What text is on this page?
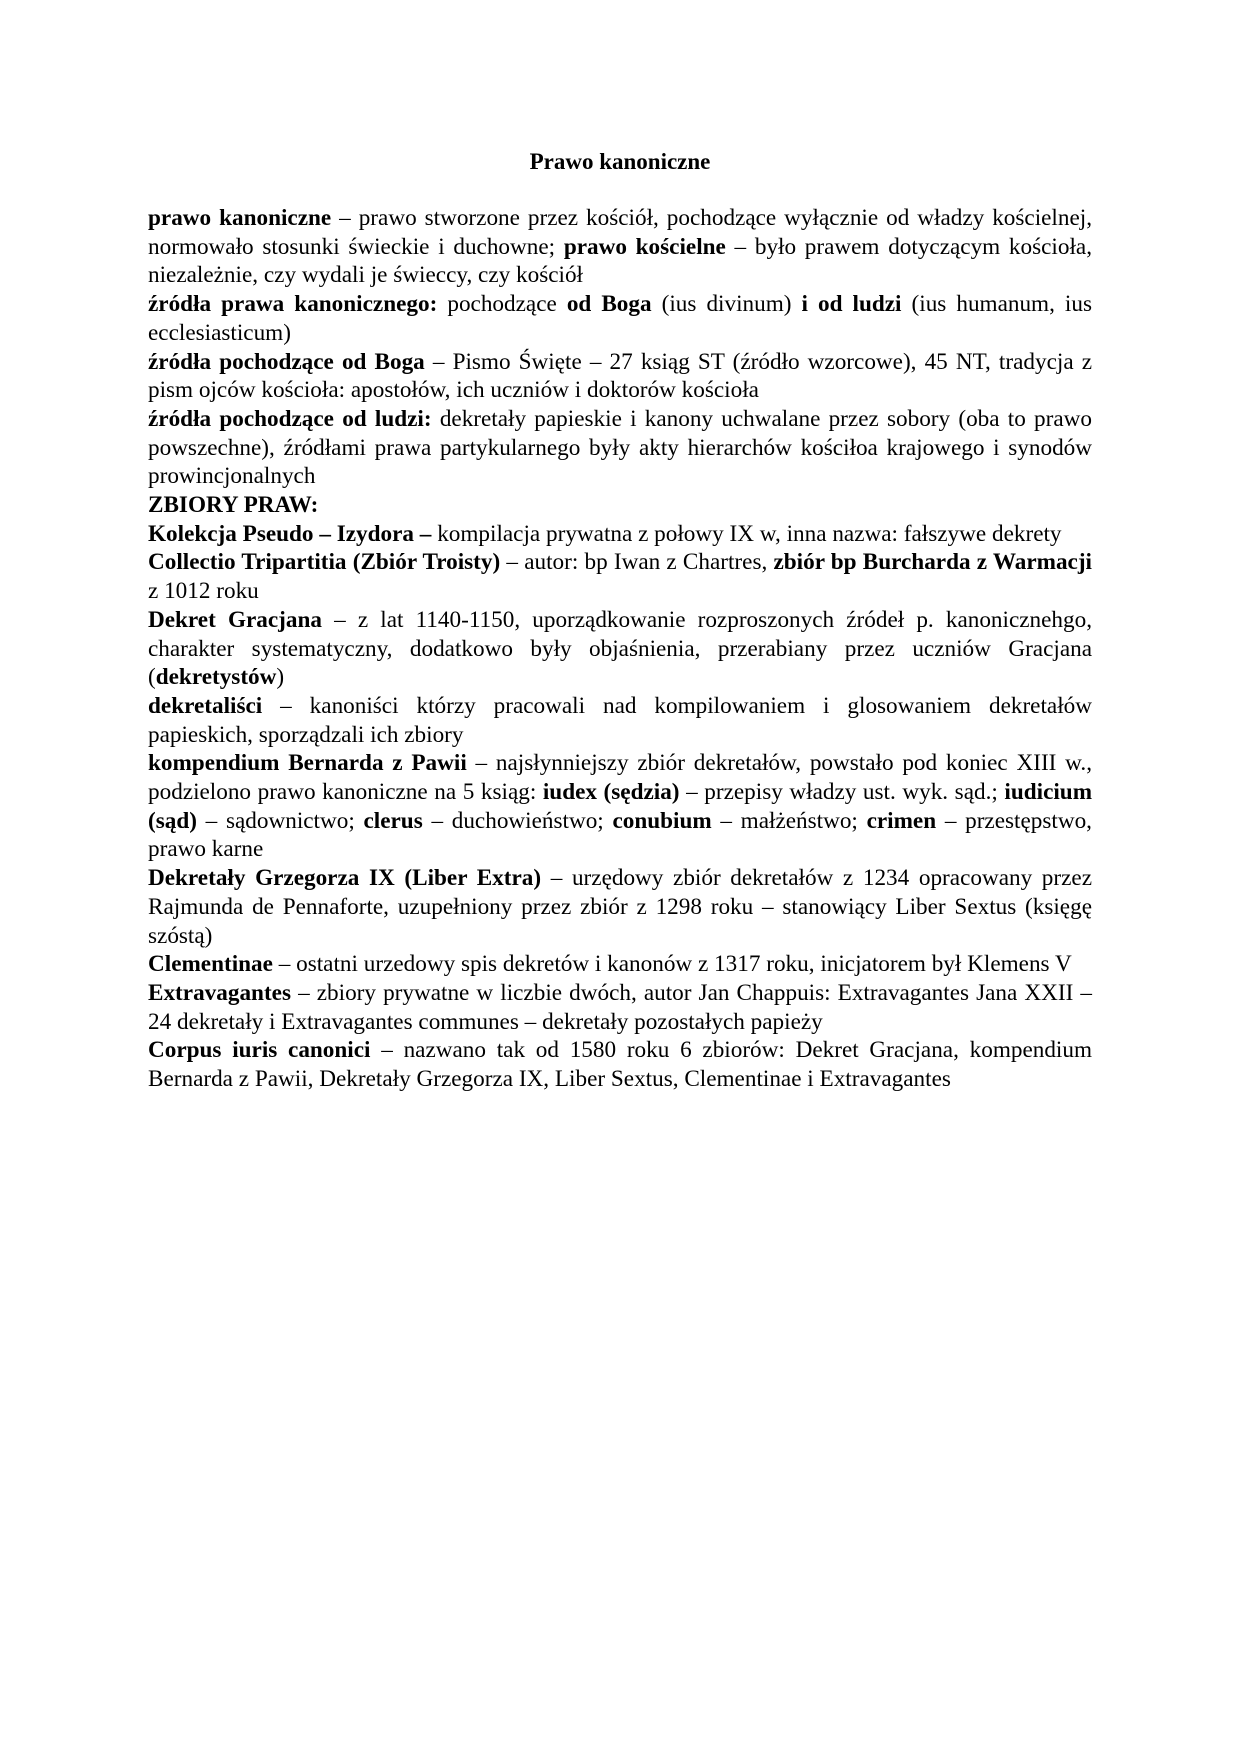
Prawo kanoniczne

prawo kanoniczne – prawo stworzone przez kościół, pochodzące wyłącznie od władzy kościelnej, normowało stosunki świeckie i duchowne; prawo kościelne – było prawem dotyczącym kościoła, niezależnie, czy wydali je świeccy, czy kościół

źródła prawa kanonicznego: pochodzące od Boga (ius divinum) i od ludzi (ius humanum, ius ecclesiasticum)

źródła pochodzące od Boga – Pismo Święte – 27 ksiąg ST (źródło wzorcowe), 45 NT, tradycja z pism ojców kościoła: apostołów, ich uczniów i doktorów kościoła

źródła pochodzące od ludzi: dekretały papieskie i kanony uchwalane przez sobory (oba to prawo powszechne), źródłami prawa partykularnego były akty hierarchów kościłoa krajowego i synodów prowincjonalnych

ZBIORY PRAW:

Kolekcja Pseudo – Izydora – kompilacja prywatna z połowy IX w, inna nazwa: fałszywe dekrety

Collectio Tripartitia (Zbiór Troisty) – autor: bp Iwan z Chartres, zbiór bp Burcharda z Warmacji z 1012 roku

Dekret Gracjana – z lat 1140-1150, uporządkowanie rozproszonych źródeł p. kanonicznehgo, charakter systematyczny, dodatkowo były objaśnienia, przerabiany przez uczniów Gracjana (dekretystów)

dekretaliści – kanoniści którzy pracowali nad kompilowaniem i glosowaniem dekretałów papieskich, sporządzali ich zbiory

kompendium Bernarda z Pawii – najsłynniejszy zbiór dekretałów, powstało pod koniec XIII w., podzielono prawo kanoniczne na 5 ksiąg: iudex (sędzia) – przepisy władzy ust. wyk. sąd.; iudicium (sąd) – sądownictwo; clerus – duchowieństwo; conubium – małżeństwo; crimen – przestępstwo, prawo karne

Dekretały Grzegorza IX (Liber Extra) – urzędowy zbiór dekretałów z 1234 opracowany przez Rajmunda de Pennaforte, uzupełniony przez zbiór z 1298 roku – stanowiący Liber Sextus (księgę szóstą)

Clementinae – ostatni urzedowy spis dekretów i kanonów z 1317 roku, inicjatorem był Klemens V

Extravagantes – zbiory prywatne w liczbie dwóch, autor Jan Chappuis: Extravagantes Jana XXII – 24 dekretały i Extravagantes communes – dekretały pozostałych papieży

Corpus iuris canonici – nazwano tak od 1580 roku 6 zbiorów: Dekret Gracjana, kompendium Bernarda z Pawii, Dekretały Grzegorza IX, Liber Sextus, Clementinae i Extravagantes
